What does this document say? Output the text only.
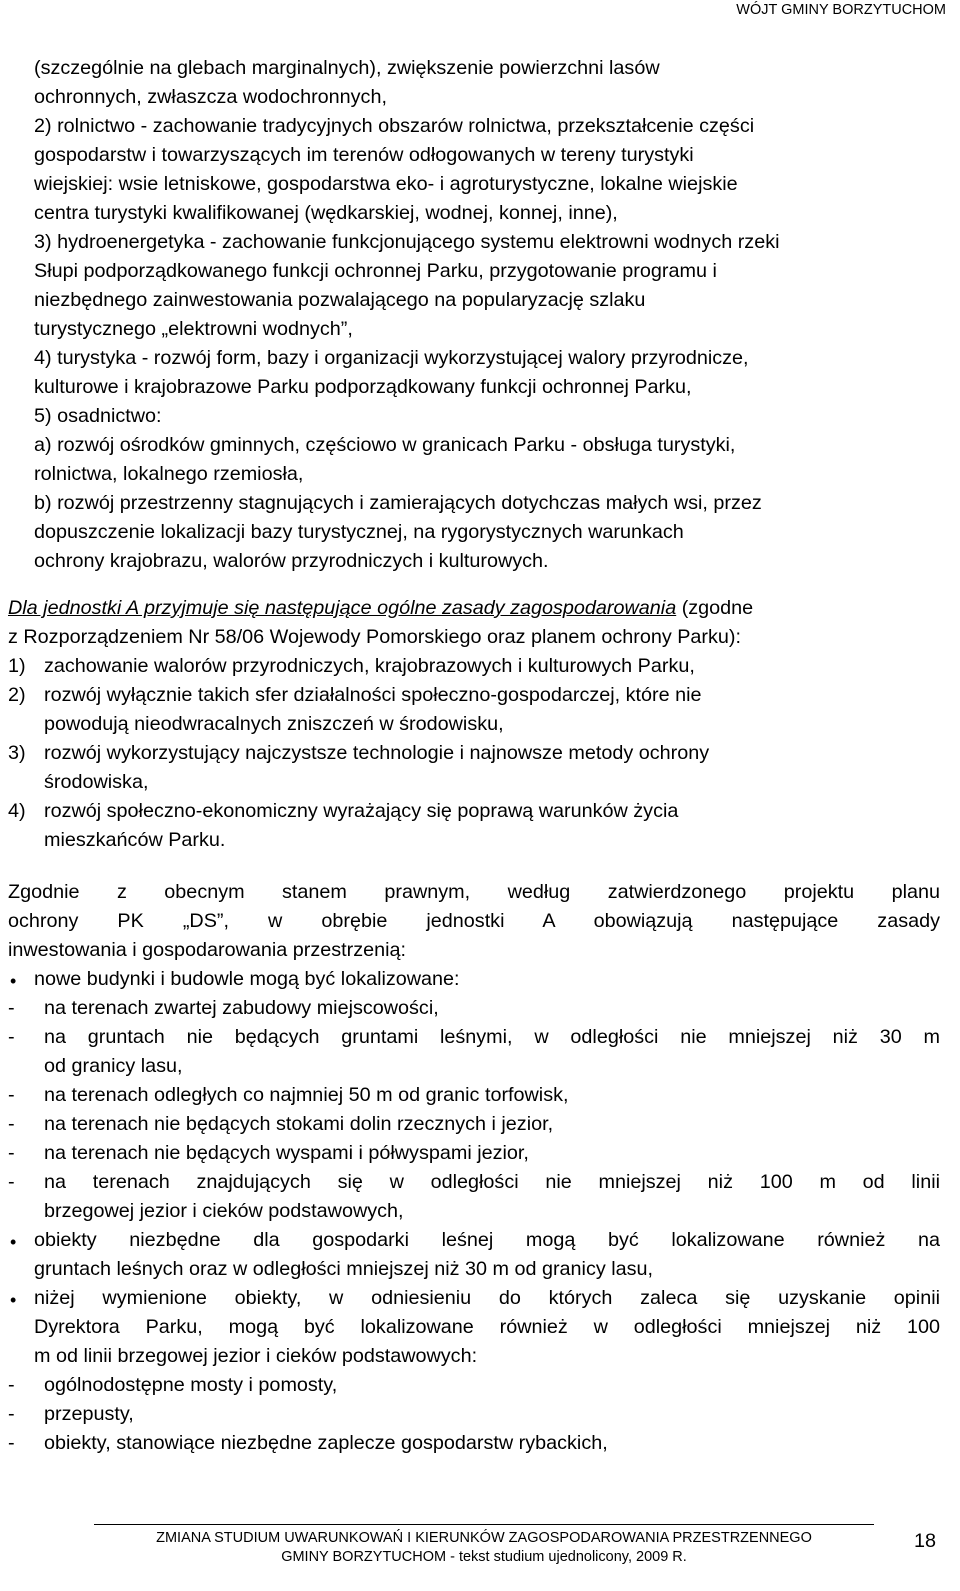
WÓJT GMINY BORZYTUCHOM
(szczególnie na glebach marginalnych), zwiększenie powierzchni lasów
ochronnych, zwłaszcza wodochronnych,
2) rolnictwo - zachowanie tradycyjnych obszarów rolnictwa, przekształcenie części
gospodarstw i towarzyszących im terenów odłogowanych w tereny turystyki
wiejskiej: wsie letniskowe, gospodarstwa eko- i agroturystyczne, lokalne wiejskie
centra turystyki kwalifikowanej (wędkarskiej, wodnej, konnej, inne),
3) hydroenergetyka - zachowanie funkcjonującego systemu elektrowni wodnych rzeki
Słupi podporządkowanego funkcji ochronnej Parku, przygotowanie programu i
niezbędnego zainwestowania pozwalającego na popularyzację szlaku
turystycznego „elektrowni wodnych”,
4) turystyka - rozwój form, bazy i organizacji wykorzystującej walory przyrodnicze,
kulturowe i krajobrazowe Parku podporządkowany funkcji ochronnej Parku,
5) osadnictwo:
a) rozwój ośrodków gminnych, częściowo w granicach Parku - obsługa turystyki,
rolnictwa, lokalnego rzemiosła,
b) rozwój przestrzenny stagnujących i zamierających dotychczas małych wsi, przez
dopuszczenie lokalizacji bazy turystycznej, na rygorystycznych warunkach
ochrony krajobrazu, walorów przyrodniczych i kulturowych.
Dla jednostki A przyjmuje się następujące ogólne zasady zagospodarowania (zgodne
z Rozporządzeniem Nr 58/06 Wojewody Pomorskiego oraz planem ochrony Parku):
1) zachowanie walorów przyrodniczych, krajobrazowych i kulturowych Parku,
2) rozwój wyłącznie takich sfer działalności społeczno-gospodarczej, które nie
powodują nieodwracalnych zniszczeń w środowisku,
3) rozwój wykorzystujący najczystsze technologie i najnowsze metody ochrony
środowiska,
4) rozwój społeczno-ekonomiczny wyrażający się poprawą warunków życia
mieszkańców Parku.
Zgodnie z obecnym stanem prawnym, według zatwierdzonego projektu planu
ochrony PK „DS”, w obrębie jednostki A obowiązują następujące zasady
inwestowania i gospodarowania przestrzenią:
• nowe budynki i budowle mogą być lokalizowane:
- na terenach zwartej zabudowy miejscowości,
- na gruntach nie będących gruntami leśnymi, w odległości nie mniejszej niż 30 m
od granicy lasu,
- na terenach odległych co najmniej 50 m od granic torfowisk,
- na terenach nie będących stokami dolin rzecznych i jezior,
- na terenach nie będących wyspami i półwyspami jezior,
- na terenach znajdujących się w odległości nie mniejszej niż 100 m od linii
brzegowej jezior i cieków podstawowych,
• obiekty niezbędne dla gospodarki leśnej mogą być lokalizowane również na
gruntach leśnych oraz w odległości mniejszej niż 30 m od granicy lasu,
• niżej wymienione obiekty, w odniesieniu do których zaleca się uzyskanie opinii
Dyrektora Parku, mogą być lokalizowane również w odległości mniejszej niż 100
m od linii brzegowej jezior i cieków podstawowych:
- ogólnodostępne mosty i pomosty,
- przepusty,
- obiekty, stanowiące niezbędne zaplecze gospodarstw rybackich,
ZMIANA STUDIUM UWARUNKOWAŃ I KIERUNKÓW ZAGOSPODAROWANIA PRZESTRZENNEGO
GMINY BORZYTUCHOM - tekst studium ujednolicony, 2009 R.
18
